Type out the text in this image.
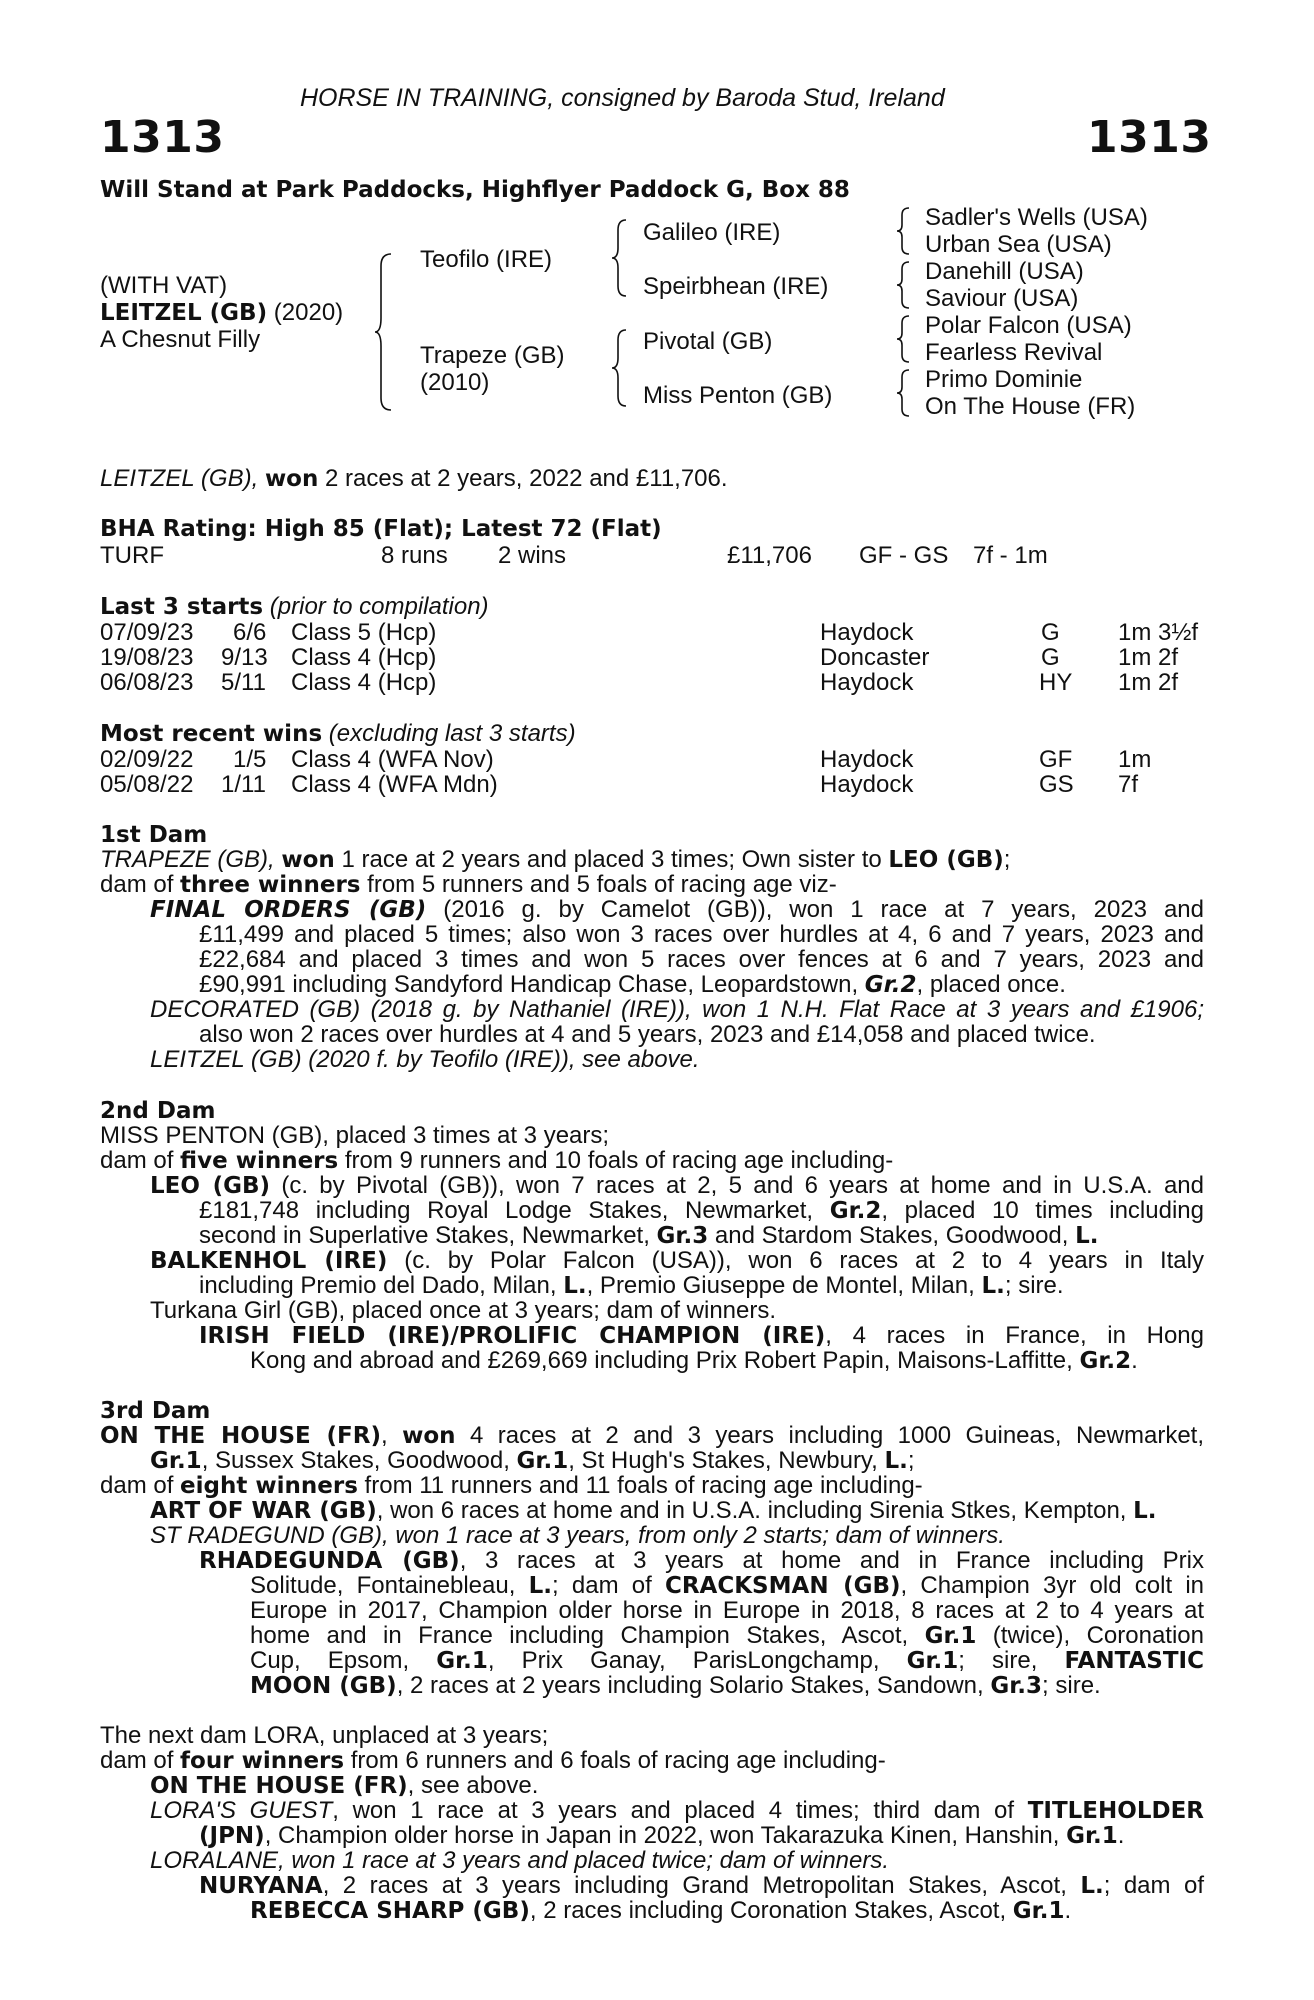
HORSE IN TRAINING, consigned by Baroda Stud, Ireland
1313	1313
Will Stand at Park Paddocks, Highflyer Paddock G, Box 88
(WITH VAT)
LEITZEL (GB) (2020)
A Chesnut Filly
Teofilo (IRE)
Trapeze (GB)
(2010)
Galileo (IRE)
Speirbhean (IRE)
Pivotal (GB)
Miss Penton (GB)
Sadler's Wells (USA)
Urban Sea (USA)
Danehill (USA)
Saviour (USA)
Polar Falcon (USA)
Fearless Revival
Primo Dominie
On The House (FR)
LEITZEL (GB), won 2 races at 2 years, 2022 and £11,706.
BHA Rating: High 85 (Flat); Latest 72 (Flat)
TURF	8 runs 2 wins	£11,706 GF - GS 7f - 1m
Last 3 starts (prior to compilation)
07/09/23 6/6 Class 5 (Hcp)	Haydock	G 1m 3½f
19/08/23 9/13 Class 4 (Hcp)	Doncaster	G 1m 2f
06/08/23 5/11 Class 4 (Hcp)	Haydock	HY 1m 2f
Most recent wins (excluding last 3 starts)
02/09/22 1/5 Class 4 (WFA Nov)	Haydock	GF 1m
05/08/22 1/11 Class 4 (WFA Mdn)	Haydock	GS 7f
1st Dam
TRAPEZE (GB), won 1 race at 2 years and placed 3 times; Own sister to LEO (GB);
dam of three winners from 5 runners and 5 foals of racing age viz-
FINAL ORDERS (GB) (2016 g. by Camelot (GB)), won 1 race at 7 years, 2023 and
£11,499 and placed 5 times; also won 3 races over hurdles at 4, 6 and 7 years, 2023 and
£22,684 and placed 3 times and won 5 races over fences at 6 and 7 years, 2023 and
£90,991 including Sandyford Handicap Chase, Leopardstown, Gr.2, placed once.
DECORATED (GB) (2018 g. by Nathaniel (IRE)), won 1 N.H. Flat Race at 3 years and £1906;
also won 2 races over hurdles at 4 and 5 years, 2023 and £14,058 and placed twice.
LEITZEL (GB) (2020 f. by Teofilo (IRE)), see above.
2nd Dam
MISS PENTON (GB), placed 3 times at 3 years;
dam of five winners from 9 runners and 10 foals of racing age including-
LEO (GB) (c. by Pivotal (GB)), won 7 races at 2, 5 and 6 years at home and in U.S.A. and
£181,748 including Royal Lodge Stakes, Newmarket, Gr.2, placed 10 times including
second in Superlative Stakes, Newmarket, Gr.3 and Stardom Stakes, Goodwood, L.
BALKENHOL (IRE) (c. by Polar Falcon (USA)), won 6 races at 2 to 4 years in Italy
including Premio del Dado, Milan, L., Premio Giuseppe de Montel, Milan, L.; sire.
Turkana Girl (GB), placed once at 3 years; dam of winners.
IRISH FIELD (IRE)/PROLIFIC CHAMPION (IRE), 4 races in France, in Hong
Kong and abroad and £269,669 including Prix Robert Papin, Maisons-Laffitte, Gr.2.
3rd Dam
ON THE HOUSE (FR), won 4 races at 2 and 3 years including 1000 Guineas, Newmarket,
Gr.1, Sussex Stakes, Goodwood, Gr.1, St Hugh's Stakes, Newbury, L.;
dam of eight winners from 11 runners and 11 foals of racing age including-
ART OF WAR (GB), won 6 races at home and in U.S.A. including Sirenia Stkes, Kempton, L.
ST RADEGUND (GB), won 1 race at 3 years, from only 2 starts; dam of winners.
RHADEGUNDA (GB), 3 races at 3 years at home and in France including Prix
Solitude, Fontainebleau, L.; dam of CRACKSMAN (GB), Champion 3yr old colt in
Europe in 2017, Champion older horse in Europe in 2018, 8 races at 2 to 4 years at
home and in France including Champion Stakes, Ascot, Gr.1 (twice), Coronation
Cup, Epsom, Gr.1, Prix Ganay, ParisLongchamp, Gr.1; sire, FANTASTIC
MOON (GB), 2 races at 2 years including Solario Stakes, Sandown, Gr.3; sire.
The next dam LORA, unplaced at 3 years;
dam of four winners from 6 runners and 6 foals of racing age including-
ON THE HOUSE (FR), see above.
LORA'S GUEST, won 1 race at 3 years and placed 4 times; third dam of TITLEHOLDER
(JPN), Champion older horse in Japan in 2022, won Takarazuka Kinen, Hanshin, Gr.1.
LORALANE, won 1 race at 3 years and placed twice; dam of winners.
NURYANA, 2 races at 3 years including Grand Metropolitan Stakes, Ascot, L.; dam of
REBECCA SHARP (GB), 2 races including Coronation Stakes, Ascot, Gr.1.
